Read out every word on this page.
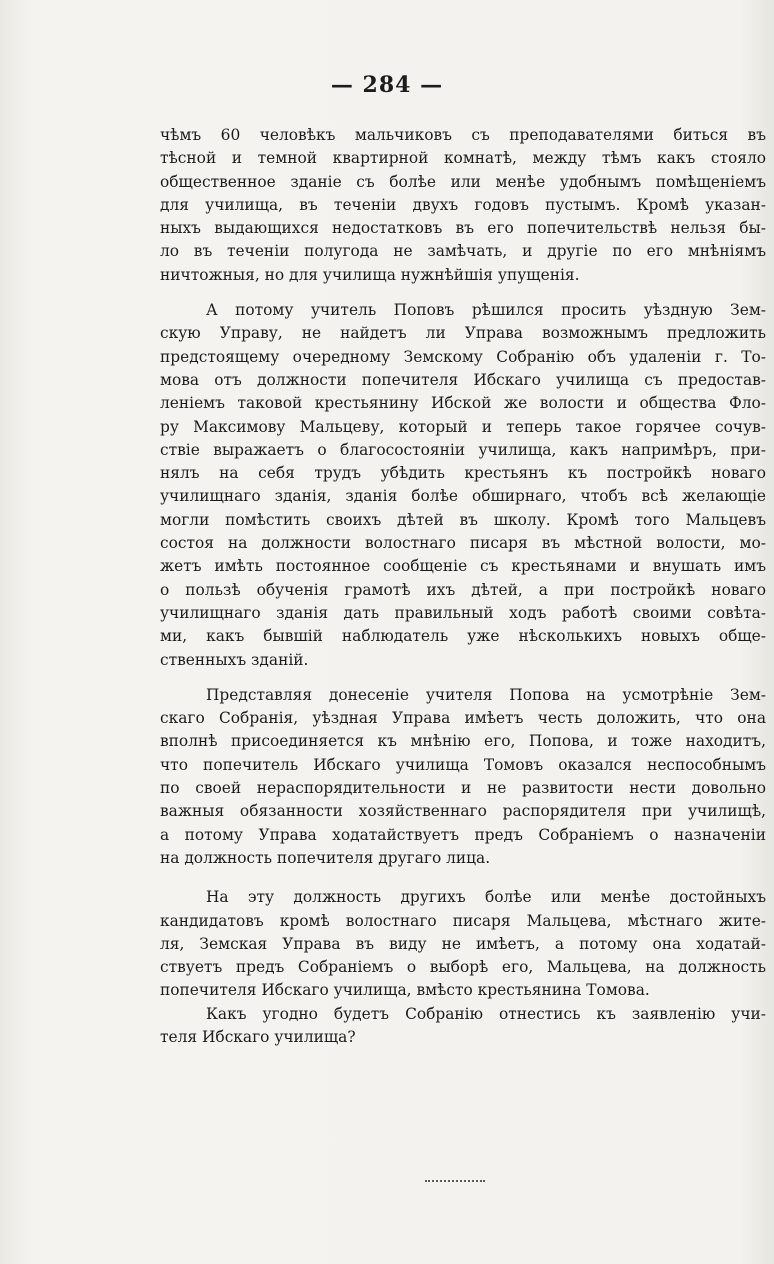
— 284 —
чѣмъ 60 человѣкъ мальчиковъ съ преподавателями биться въ
тѣсной и темной квартирной комнатѣ, между тѣмъ какъ стояло
общественное зданіе съ болѣе или менѣе удобнымъ помѣщеніемъ
для училища, въ теченіи двухъ годовъ пустымъ. Кромѣ указан-
ныхъ выдающихся недостатковъ въ его попечительствѣ нельзя бы-
ло въ теченіи полугода не замѣчать, и другіе по его мнѣніямъ
ничтожныя, но для училища нужнѣйшія упущенія.
А потому учитель Поповъ рѣшился просить уѣздную Зем-
скую Управу, не найдетъ ли Управа возможнымъ предложить
предстоящему очередному Земскому Собранію объ удаленіи г. То-
мова отъ должности попечителя Ибскаго училища съ предостав-
леніемъ таковой крестьянину Ибской же волости и общества Фло-
ру Максимову Мальцеву, который и теперь такое горячее сочув-
ствіе выражаетъ о благосостояніи училища, какъ напримѣръ, при-
нялъ на себя трудъ убѣдить крестьянъ къ постройкѣ новаго
училищнаго зданія, зданія болѣе обширнаго, чтобъ всѣ желающіе
могли помѣстить своихъ дѣтей въ школу. Кромѣ того Мальцевъ
состоя на должности волостнаго писаря въ мѣстной волости, мо-
жетъ имѣть постоянное сообщеніе съ крестьянами и внушать имъ
о пользѣ обученія грамотѣ ихъ дѣтей, а при постройкѣ новаго
училищнаго зданія дать правильный ходъ работѣ своими совѣта-
ми, какъ бывшій наблюдатель уже нѣсколькихъ новыхъ обще-
ственныхъ зданій.
Представляя донесеніе учителя Попова на усмотрѣніе Зем-
скаго Собранія, уѣздная Управа имѣетъ честь доложить, что она
вполнѣ присоединяется къ мнѣнію его, Попова, и тоже находитъ,
что попечитель Ибскаго училища Томовъ оказался неспособнымъ
по своей нераспорядительности и не развитости нести довольно
важныя обязанности хозяйственнаго распорядителя при училищѣ,
а потому Управа ходатайствуетъ предъ Собраніемъ о назначеніи
на должность попечителя другаго лица.
На эту должность другихъ болѣе или менѣе достойныхъ
кандидатовъ кромѣ волостнаго писаря Мальцева, мѣстнаго жите-
ля, Земская Управа въ виду не имѣетъ, а потому она ходатай-
ствуетъ предъ Собраніемъ о выборѣ его, Мальцева, на должность
попечителя Ибскаго училища, вмѣсто крестьянина Томова.
Какъ угодно будетъ Собранію отнестись къ заявленію учи-
теля Ибскаго училища?
